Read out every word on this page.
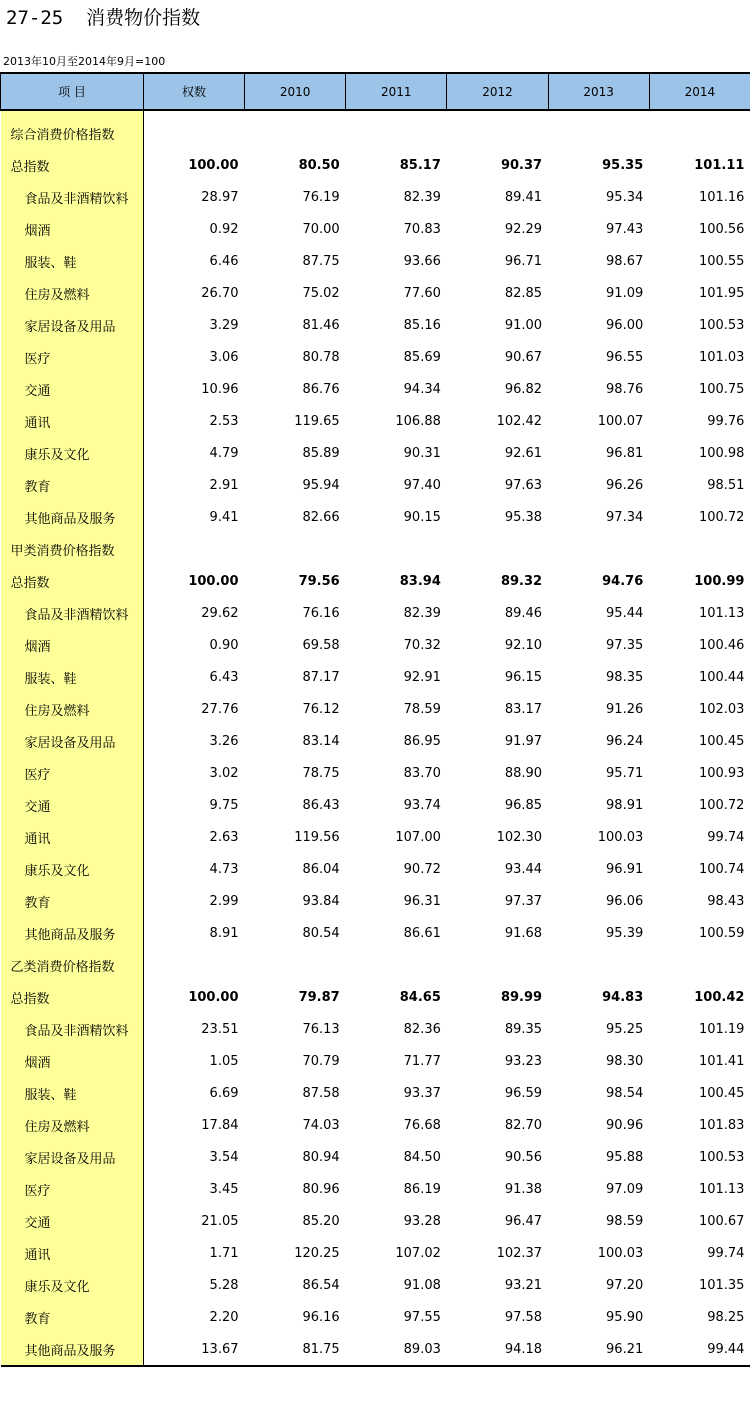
27-25  消费物价指数
2013年10月至2014年9月=100
项 目	权数	2010	2011	2012	2013	2014

综合消费价格指数						
总指数	100.00	80.50	85.17	90.37	95.35	101.11
食品及非酒精饮料	28.97	76.19	82.39	89.41	95.34	101.16
烟酒	0.92	70.00	70.83	92.29	97.43	100.56
服装、鞋	6.46	87.75	93.66	96.71	98.67	100.55
住房及燃料	26.70	75.02	77.60	82.85	91.09	101.95
家居设备及用品	3.29	81.46	85.16	91.00	96.00	100.53
医疗	3.06	80.78	85.69	90.67	96.55	101.03
交通	10.96	86.76	94.34	96.82	98.76	100.75
通讯	2.53	119.65	106.88	102.42	100.07	99.76
康乐及文化	4.79	85.89	90.31	92.61	96.81	100.98
教育	2.91	95.94	97.40	97.63	96.26	98.51
其他商品及服务	9.41	82.66	90.15	95.38	97.34	100.72
甲类消费价格指数						
总指数	100.00	79.56	83.94	89.32	94.76	100.99
食品及非酒精饮料	29.62	76.16	82.39	89.46	95.44	101.13
烟酒	0.90	69.58	70.32	92.10	97.35	100.46
服装、鞋	6.43	87.17	92.91	96.15	98.35	100.44
住房及燃料	27.76	76.12	78.59	83.17	91.26	102.03
家居设备及用品	3.26	83.14	86.95	91.97	96.24	100.45
医疗	3.02	78.75	83.70	88.90	95.71	100.93
交通	9.75	86.43	93.74	96.85	98.91	100.72
通讯	2.63	119.56	107.00	102.30	100.03	99.74
康乐及文化	4.73	86.04	90.72	93.44	96.91	100.74
教育	2.99	93.84	96.31	97.37	96.06	98.43
其他商品及服务	8.91	80.54	86.61	91.68	95.39	100.59
乙类消费价格指数						
总指数	100.00	79.87	84.65	89.99	94.83	100.42
食品及非酒精饮料	23.51	76.13	82.36	89.35	95.25	101.19
烟酒	1.05	70.79	71.77	93.23	98.30	101.41
服装、鞋	6.69	87.58	93.37	96.59	98.54	100.45
住房及燃料	17.84	74.03	76.68	82.70	90.96	101.83
家居设备及用品	3.54	80.94	84.50	90.56	95.88	100.53
医疗	3.45	80.96	86.19	91.38	97.09	101.13
交通	21.05	85.20	93.28	96.47	98.59	100.67
通讯	1.71	120.25	107.02	102.37	100.03	99.74
康乐及文化	5.28	86.54	91.08	93.21	97.20	101.35
教育	2.20	96.16	97.55	97.58	95.90	98.25
其他商品及服务	13.67	81.75	89.03	94.18	96.21	99.44
